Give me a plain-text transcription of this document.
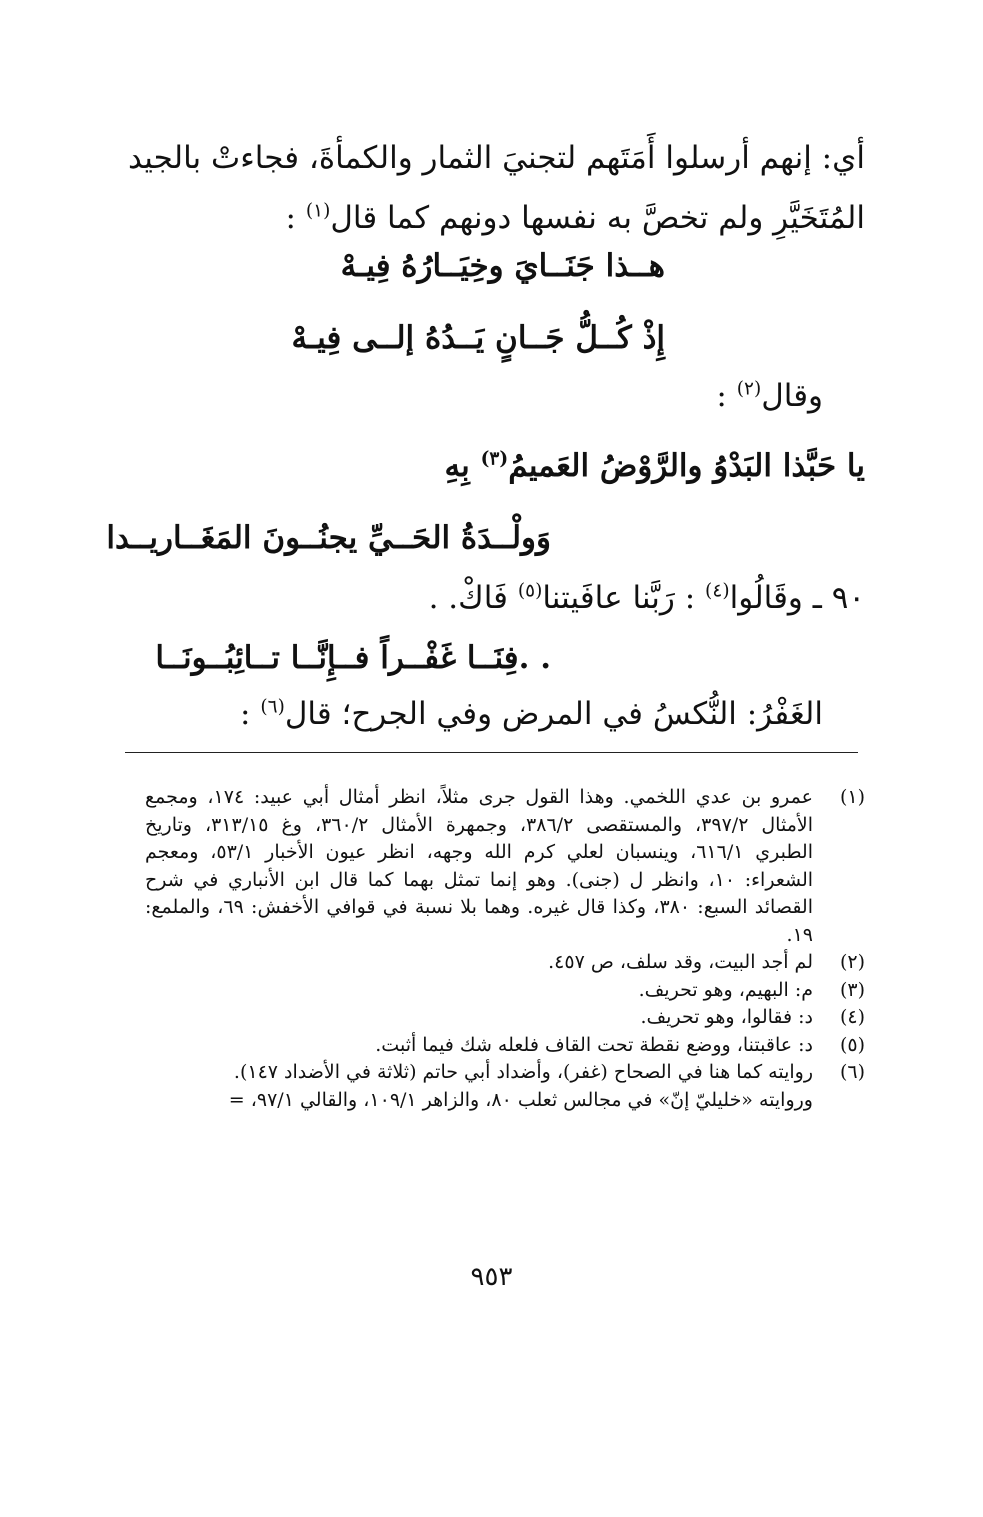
أي: إنهم أرسلوا أَمَتَهم لتجنيَ الثمار والكمأةَ، فجاءتْ بالجيد المُتَخَيَّرِ ولم تخصَّ به نفسها دونهم كما قال$^{(١)}$ :

هــذا جَنَــايَ وخِيَــارُهُ فِيـهْ
إِذْ كُــلُّ جَــانٍ يَــدُهُ إلــى فِيـهْ
وقال$^{(٢)}$ :
يا حَبَّذا البَدْوُ والرَّوْضُ العَميمُ$^{(٣)}$ بِهِ
وَولْــدَةُ الحَــيِّ يجنُــونَ المَغَــاريــدا
٩٠ ـ وقَالُوا$^{(٤)}$ : رَبَّنا عافَيتنا$^{(٥)}$ فَاكْ. .
. .فِنَــا غَفْــراً فــإِنَّــا تــائِبُــونَــا
الغَفْرُ: النُّكسُ في المرض وفي الجرح؛ قال$^{(٦)}$ :

(١)
عمرو بن عدي اللخمي. وهذا القول جرى مثلاً، انظر أمثال أبي عبيد: ١٧٤، ومجمع الأمثال ٣٩٧/٢، والمستقصى ٣٨٦/٢، وجمهرة الأمثال ٣٦٠/٢، وغ ٣١٣/١٥، وتاريخ الطبري ٦١٦/١، وينسبان لعلي كرم الله وجهه، انظر عيون الأخبار ٥٣/١، ومعجم الشعراء: ١٠، وانظر ل (جنى). وهو إنما تمثل بهما كما قال ابن الأنباري في شرح القصائد السبع: ٣٨٠، وكذا قال غيره. وهما بلا نسبة في قوافي الأخفش: ٦٩، والملمع: ١٩.

(٢)
لم أجد البيت، وقد سلف، ص ٤٥٧.

(٣)
م: البهيم، وهو تحريف.

(٤)
د: فقالوا، وهو تحريف.

(٥)
د: عاقبتنا، ووضع نقطة تحت القاف فلعله شك فيما أثبت.

(٦)
روايته كما هنا في الصحاح (غفر)، وأضداد أبي حاتم (ثلاثة في الأضداد ١٤٧).

وروايته «خليليّ إنّ» في مجالس ثعلب ٨٠، والزاهر ١٠٩/١، والقالي ٩٧/١، =

٩٥٣
